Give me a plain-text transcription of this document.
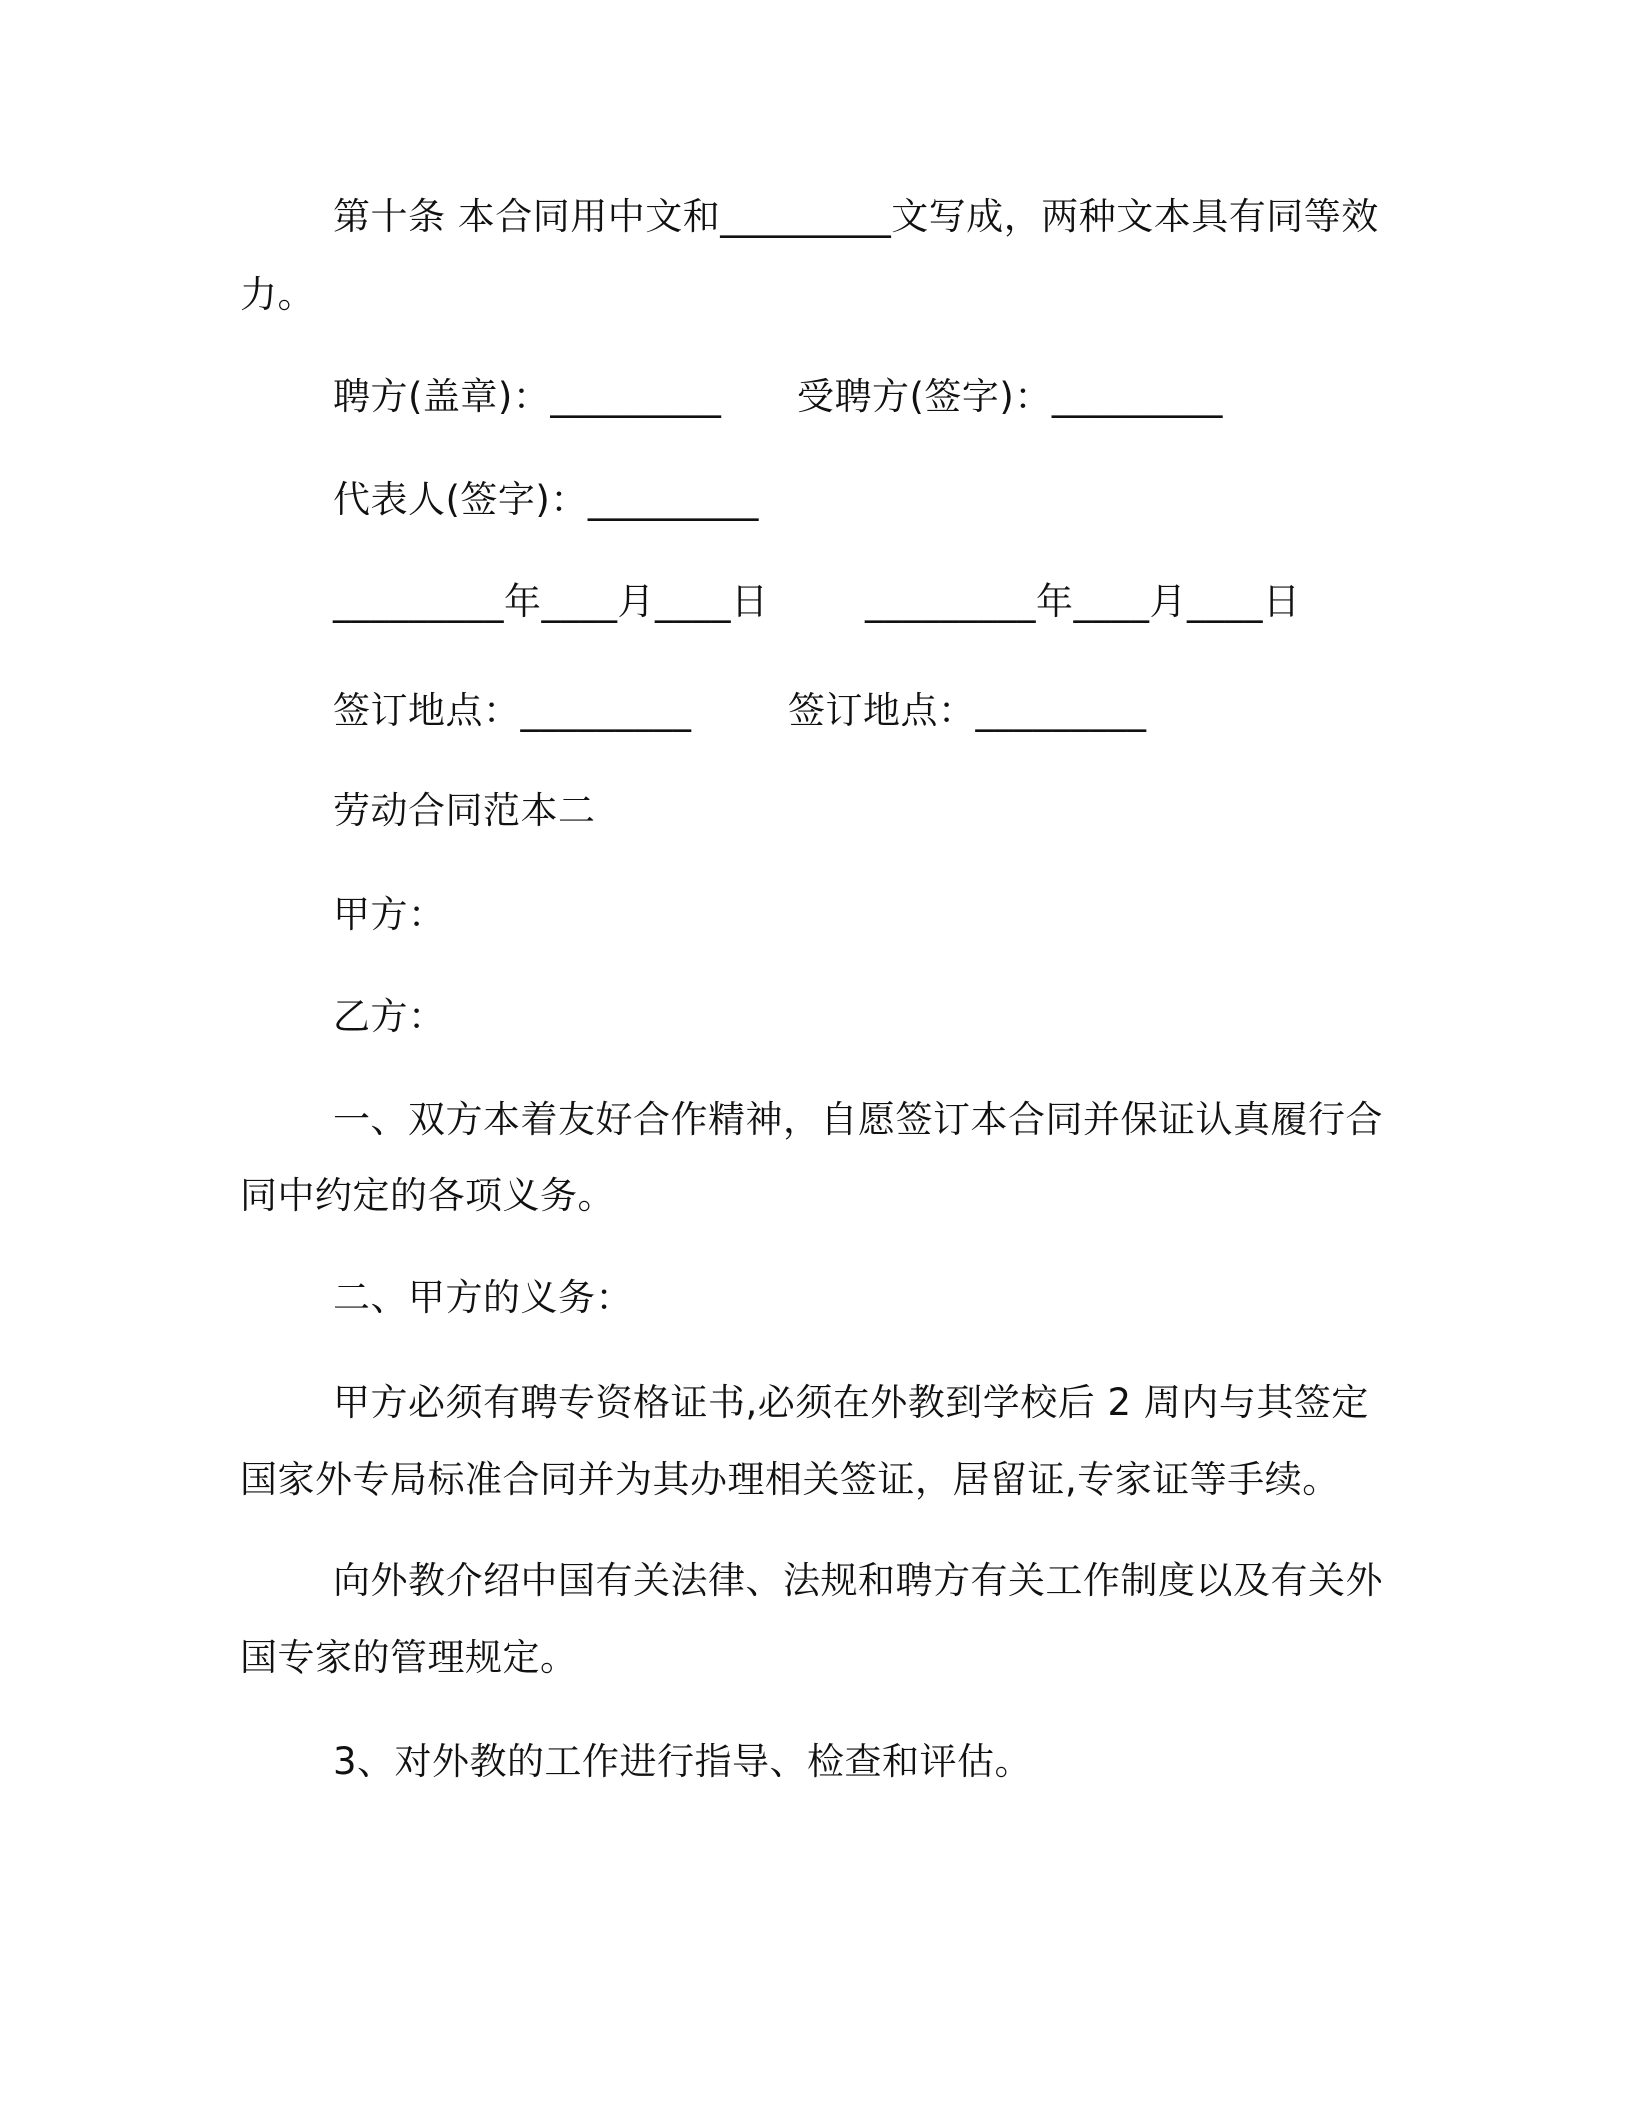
第十条 本合同用中文和_________文写成，两种文本具有同等效
力。
聘方(盖章)：_________ 受聘方(签字)：_________
代表人(签字)：_________
_________年____月____日	_________年____月____日
签订地点：_________	签订地点：_________
劳动合同范本二
甲方：
乙方：
一、双方本着友好合作精神，自愿签订本合同并保证认真履行合
同中约定的各项义务。
二、甲方的义务：
甲方必须有聘专资格证书,必须在外教到学校后 2 周内与其签定
国家外专局标准合同并为其办理相关签证，居留证,专家证等手续。
向外教介绍中国有关法律、法规和聘方有关工作制度以及有关外
国专家的管理规定。
3、对外教的工作进行指导、检查和评估。
